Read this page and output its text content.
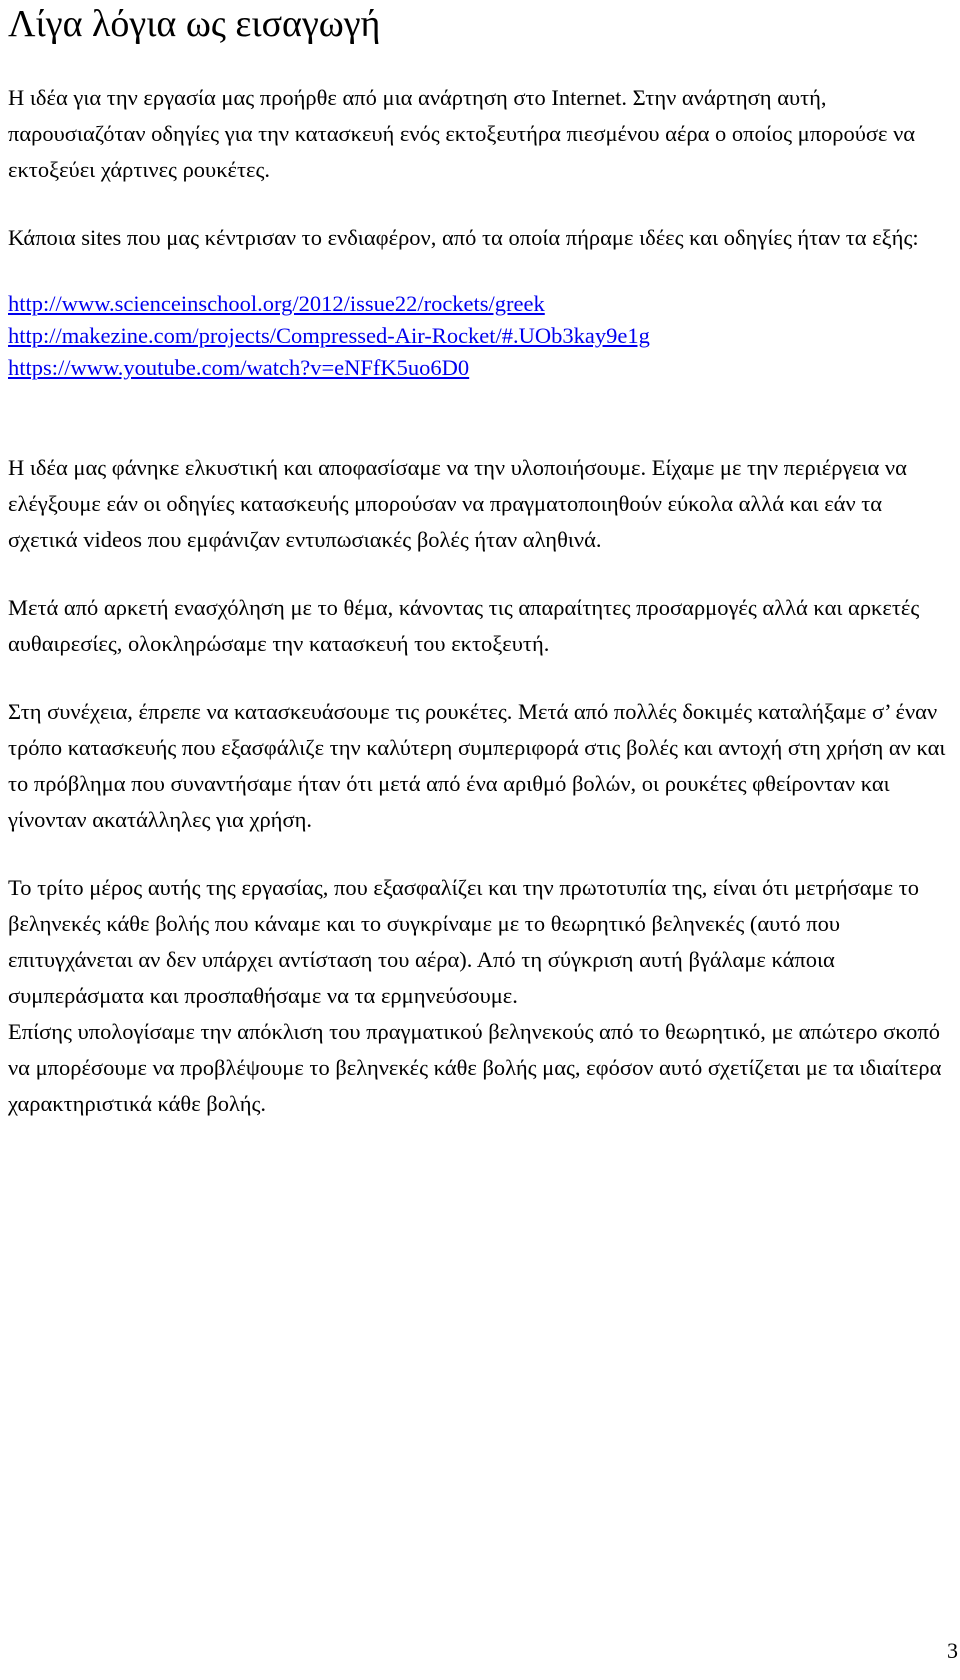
Λίγα λόγια ως εισαγωγή

Η ιδέα για την εργασία μας προήρθε από μια ανάρτηση στο Internet. Στην ανάρτηση αυτή, παρουσιαζόταν οδηγίες για την κατασκευή ενός εκτοξευτήρα πιεσμένου αέρα ο οποίος μπορούσε να εκτοξεύει χάρτινες ρουκέτες.

Κάποια sites που μας κέντρισαν το ενδιαφέρον, από τα οποία πήραμε ιδέες και οδηγίες ήταν τα εξής:

http://www.scienceinschool.org/2012/issue22/rockets/greek
http://makezine.com/projects/Compressed-Air-Rocket/#.UOb3kay9e1g
https://www.youtube.com/watch?v=eNFfK5uo6D0

Η ιδέα μας φάνηκε ελκυστική και αποφασίσαμε να την υλοποιήσουμε. Είχαμε με την περιέργεια να ελέγξουμε εάν οι οδηγίες κατασκευής μπορούσαν να πραγματοποιηθούν εύκολα αλλά και εάν τα σχετικά videos που εμφάνιζαν εντυπωσιακές βολές ήταν αληθινά.

Μετά από αρκετή ενασχόληση με το θέμα, κάνοντας τις απαραίτητες προσαρμογές αλλά και αρκετές αυθαιρεσίες, ολοκληρώσαμε την κατασκευή του εκτοξευτή.

Στη συνέχεια, έπρεπε να κατασκευάσουμε τις ρουκέτες. Μετά από πολλές δοκιμές καταλήξαμε σ’ έναν τρόπο κατασκευής που εξασφάλιζε την καλύτερη συμπεριφορά στις βολές και αντοχή στη χρήση αν και το πρόβλημα που συναντήσαμε ήταν ότι μετά από ένα αριθμό βολών, οι ρουκέτες φθείρονταν και γίνονταν ακατάλληλες για χρήση.

Το τρίτο μέρος αυτής της εργασίας, που εξασφαλίζει και την πρωτοτυπία της, είναι ότι μετρήσαμε το βεληνεκές κάθε βολής που κάναμε και το συγκρίναμε με το θεωρητικό βεληνεκές (αυτό που επιτυγχάνεται αν δεν υπάρχει αντίσταση του αέρα). Από τη σύγκριση αυτή βγάλαμε κάποια συμπεράσματα και προσπαθήσαμε να τα ερμηνεύσουμε.

Επίσης υπολογίσαμε την απόκλιση του πραγματικού βεληνεκούς από το θεωρητικό, με απώτερο σκοπό να μπορέσουμε να προβλέψουμε το βεληνεκές κάθε βολής μας, εφόσον αυτό σχετίζεται με τα ιδιαίτερα χαρακτηριστικά κάθε βολής.

3
